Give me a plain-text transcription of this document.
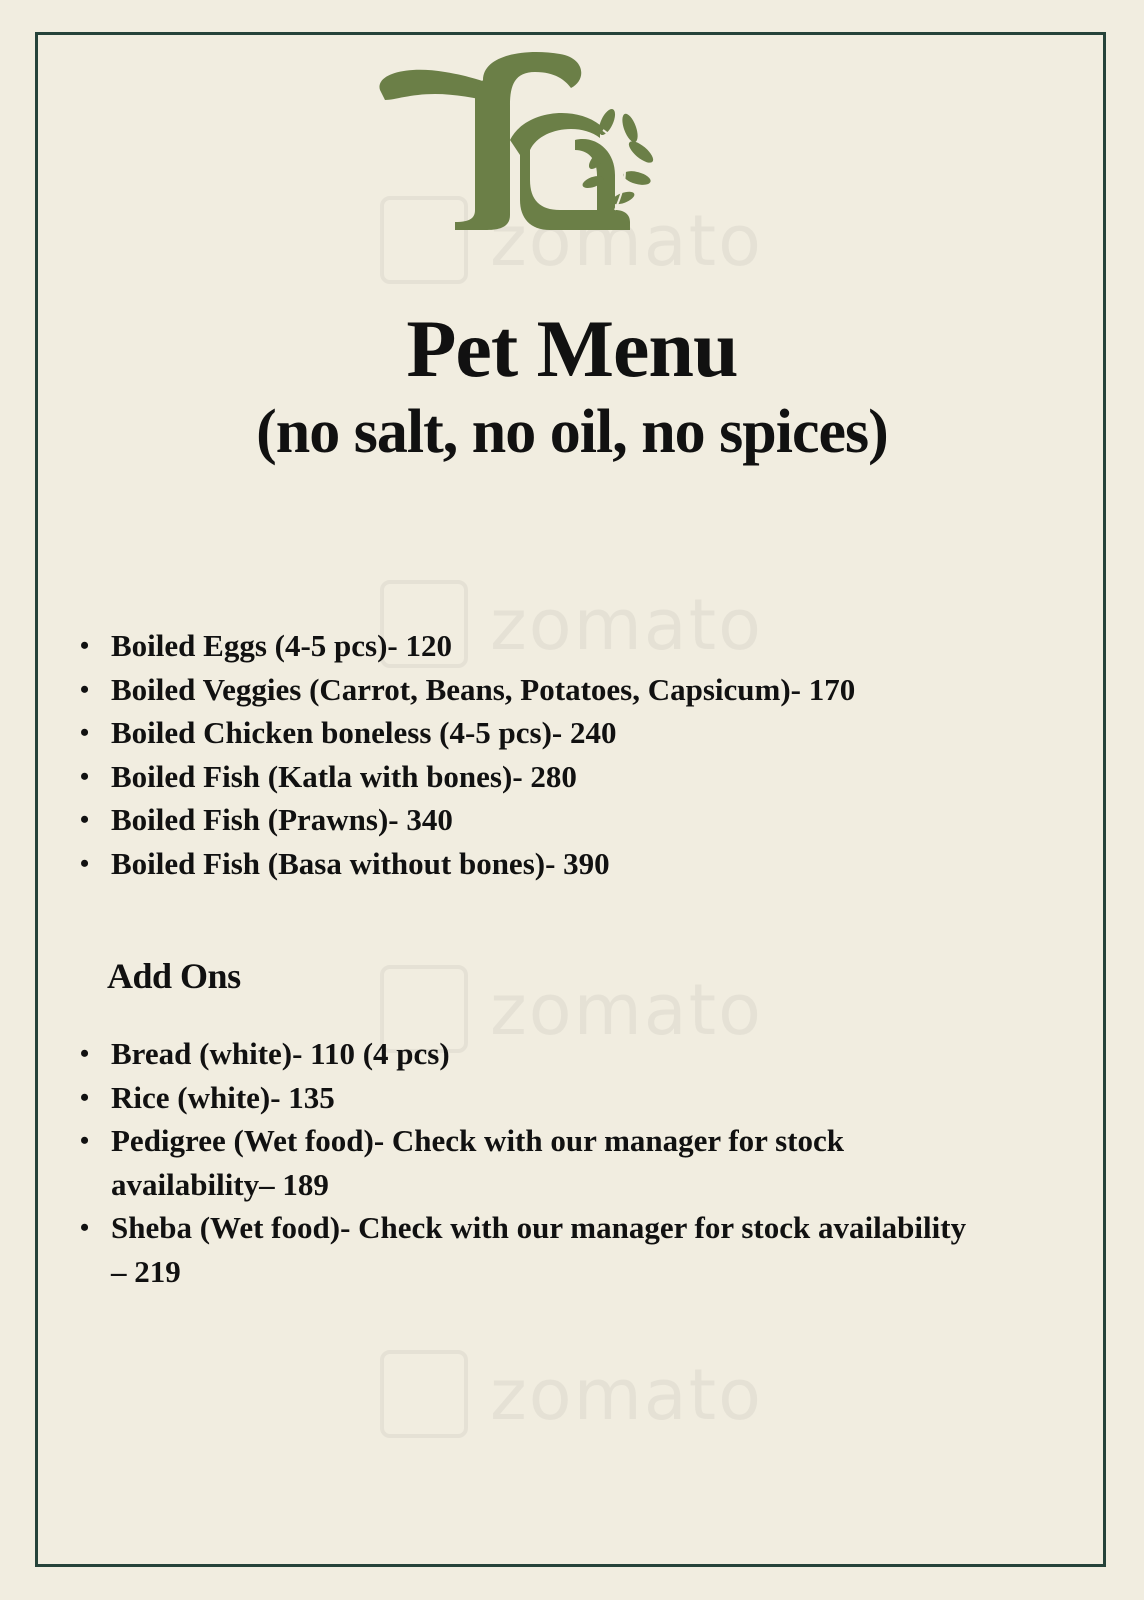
zomato
zomato
zomato
zomato
Pet Menu
(no salt, no oil, no spices)
• Boiled Eggs (4-5 pcs)- 120
• Boiled Veggies (Carrot, Beans, Potatoes, Capsicum)- 170
• Boiled Chicken boneless (4-5 pcs)- 240
• Boiled Fish (Katla with bones)- 280
• Boiled Fish (Prawns)- 340
• Boiled Fish (Basa without bones)- 390
Add Ons
• Bread (white)- 110 (4 pcs)
• Rice (white)- 135
• Pedigree (Wet food)- Check with our manager for stock availability– 189
• Sheba (Wet food)- Check with our manager for stock availability – 219
